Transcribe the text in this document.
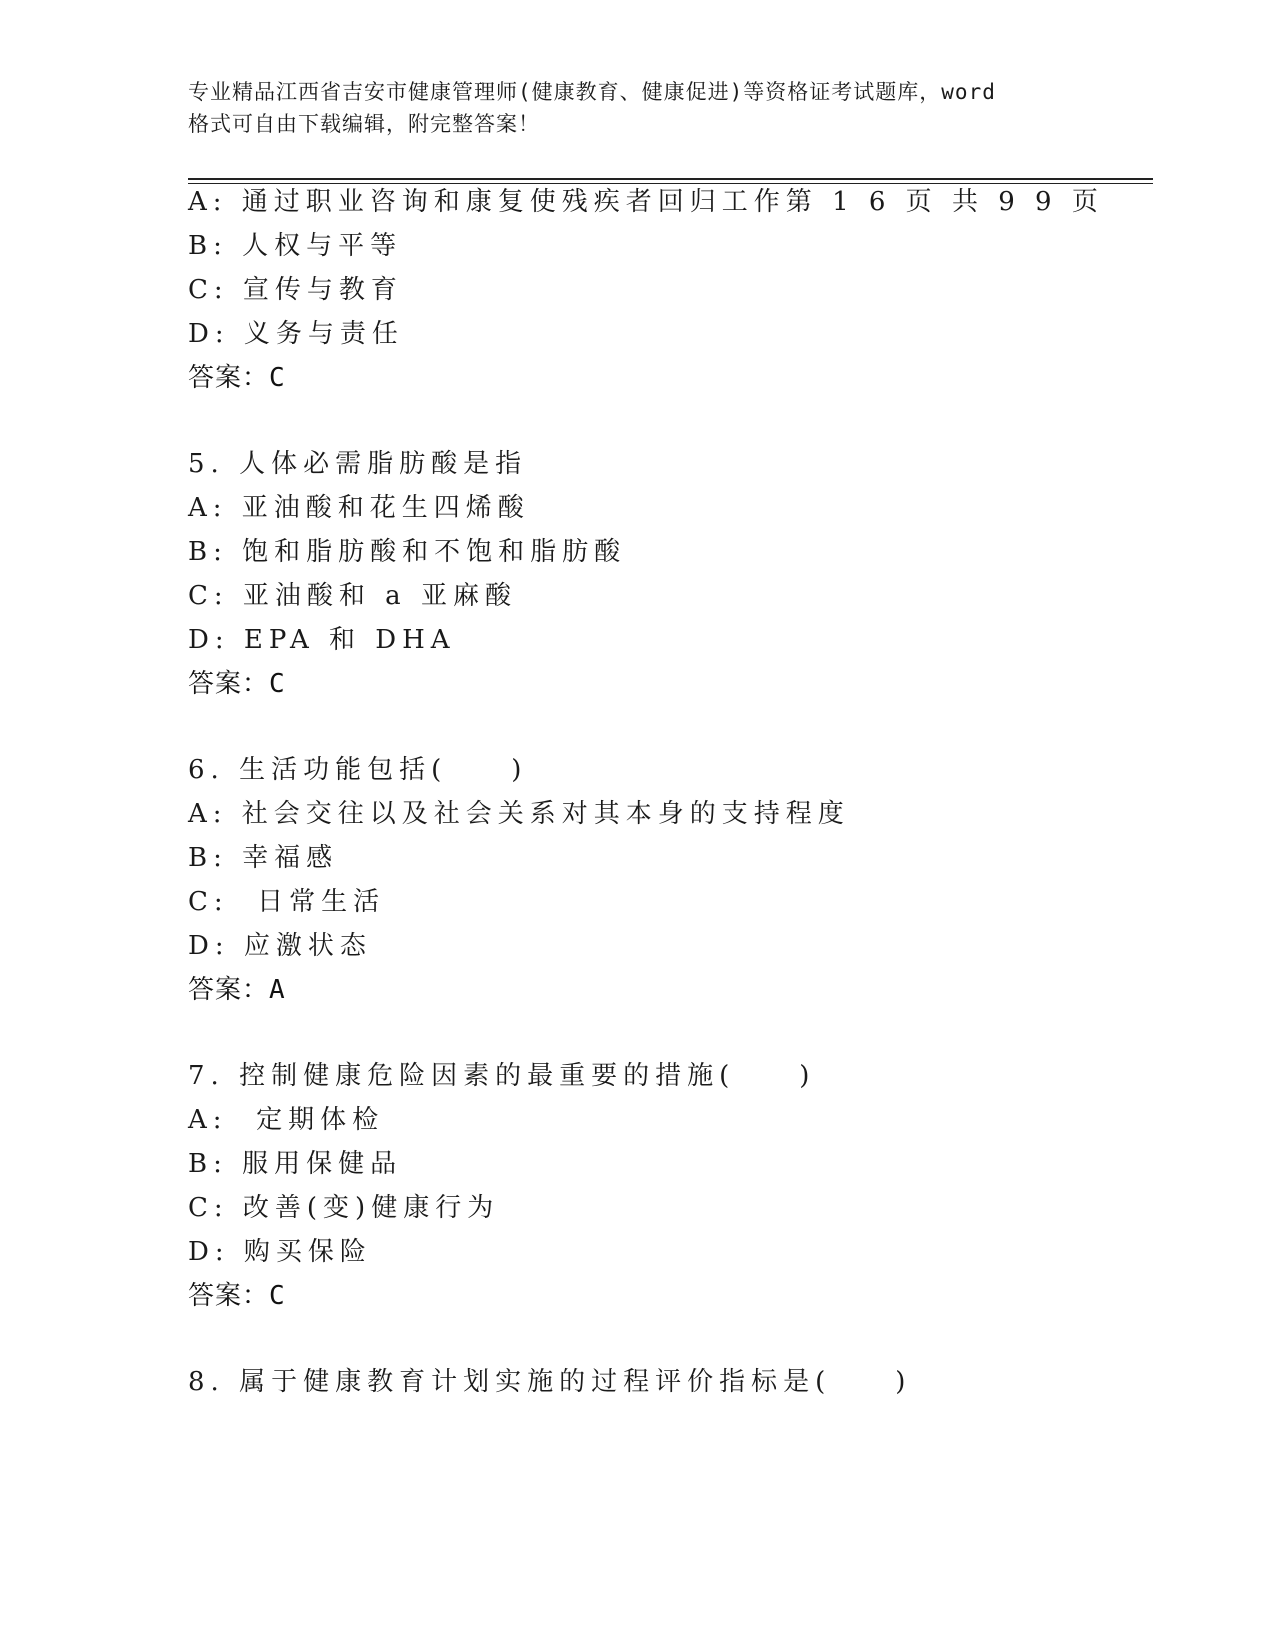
专业精品江西省吉安市健康管理师(健康教育、健康促进)等资格证考试题库，word
格式可自由下载编辑，附完整答案！
A: 通过职业咨询和康复使残疾者回归工作第 1 6 页 共 9 9 页
B: 人权与平等
C: 宣传与教育
D: 义务与责任
答案：C
5. 人体必需脂肪酸是指
A: 亚油酸和花生四烯酸
B: 饱和脂肪酸和不饱和脂肪酸
C: 亚油酸和 a 亚麻酸
D: EPA 和 DHA
答案：C
6. 生活功能包括(　　)
A: 社会交往以及社会关系对其本身的支持程度
B: 幸福感
C:  日常生活
D: 应激状态
答案：A
7. 控制健康危险因素的最重要的措施(　　)
A:  定期体检
B: 服用保健品
C: 改善(变)健康行为
D: 购买保险
答案：C
8. 属于健康教育计划实施的过程评价指标是(　　)
